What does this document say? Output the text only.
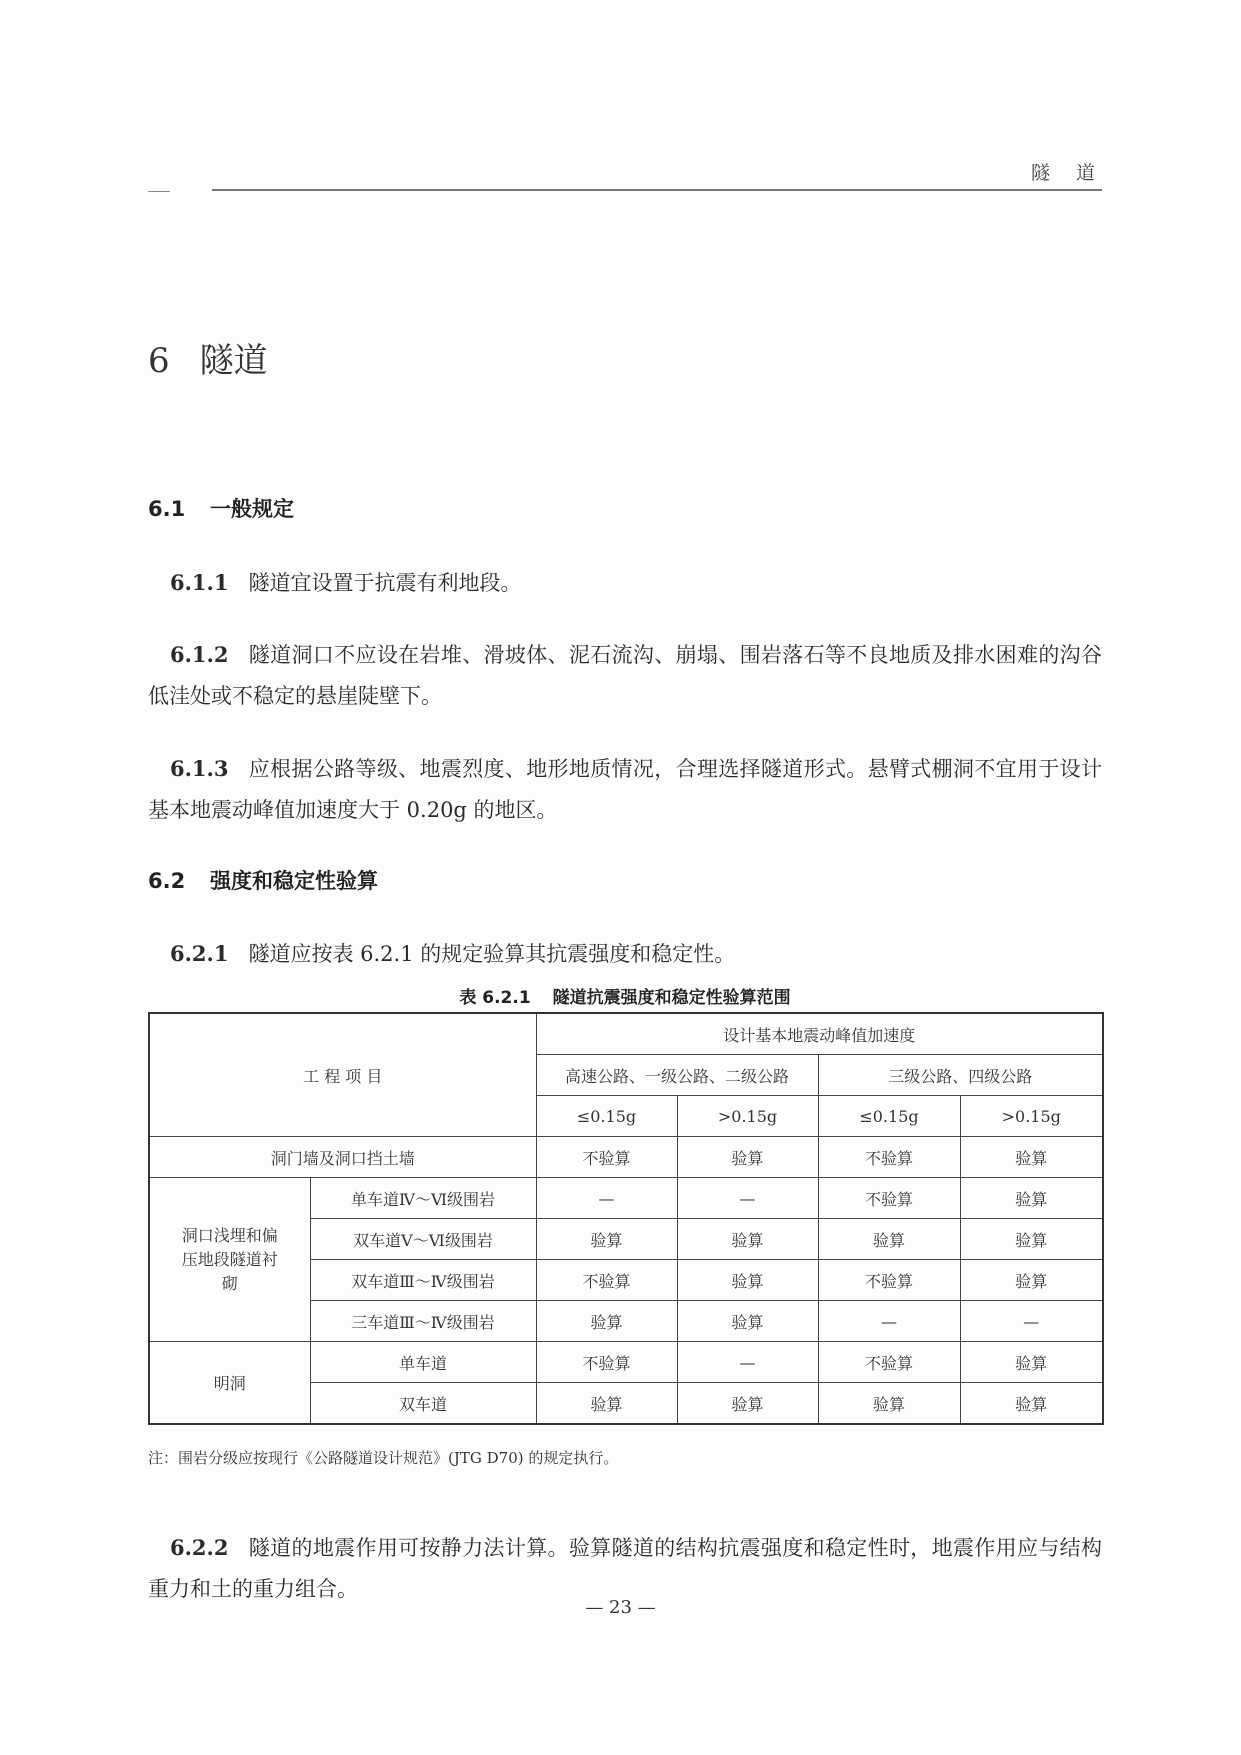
隧道
6 隧道
6.1 一般规定
6.1.1 隧道宜设置于抗震有利地段。
6.1.2 隧道洞口不应设在岩堆、滑坡体、泥石流沟、崩塌、围岩落石等不良地质及排水困难的沟谷低洼处或不稳定的悬崖陡壁下。
6.1.3 应根据公路等级、地震烈度、地形地质情况，合理选择隧道形式。悬臂式棚洞不宜用于设计基本地震动峰值加速度大于 0.20g 的地区。
6.2 强度和稳定性验算
6.2.1 隧道应按表 6.2.1 的规定验算其抗震强度和稳定性。
表 6.2.1 隧道抗震强度和稳定性验算范围
工 程 项 目		设计基本地震动峰值加速度			
		高速公路、一级公路、二级公路		三级公路、四级公路	
		≤0.15g	>0.15g	≤0.15g	>0.15g
洞门墙及洞口挡土墙		不验算	验算	不验算	验算
洞口浅埋和偏压地段隧道衬砌	单车道Ⅳ～Ⅵ级围岩	—	—	不验算	验算
	双车道Ⅴ～Ⅵ级围岩	验算	验算	验算	验算
	双车道Ⅲ～Ⅳ级围岩	不验算	验算	不验算	验算
	三车道Ⅲ～Ⅳ级围岩	验算	验算	—	—
明洞	单车道	不验算	—	不验算	验算
	双车道	验算	验算	验算	验算
注：围岩分级应按现行《公路隧道设计规范》(JTG D70) 的规定执行。
6.2.2 隧道的地震作用可按静力法计算。验算隧道的结构抗震强度和稳定性时，地震作用应与结构重力和土的重力组合。
— 23 —
